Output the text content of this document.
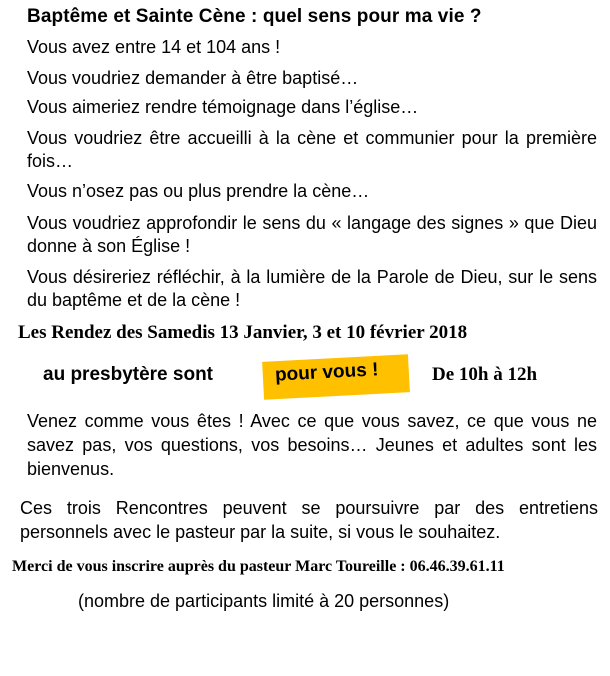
Baptême et Sainte Cène : quel sens pour ma vie ?
Vous avez entre 14 et 104 ans !
Vous voudriez demander à être baptisé…
Vous aimeriez rendre témoignage dans l’église…
Vous voudriez être accueilli à la cène et communier pour la première fois…
Vous n’osez pas ou plus prendre la cène…
Vous voudriez approfondir le sens du « langage des signes » que Dieu donne à son Église !
Vous désireriez réfléchir, à la lumière de la Parole de Dieu, sur le sens du baptême et de la cène !
Les Rendez des Samedis 13 Janvier, 3 et 10 février 2018
au presbytère sont	pour vous !	De 10h à 12h
Venez comme vous êtes ! Avec ce que vous savez, ce que vous ne savez pas, vos questions, vos besoins… Jeunes et adultes sont les bienvenus.
Ces trois Rencontres peuvent se poursuivre par des entretiens personnels avec le pasteur par la suite, si vous le souhaitez.
Merci de vous inscrire auprès du pasteur Marc Toureille : 06.46.39.61.11
(nombre de participants limité à 20 personnes)
